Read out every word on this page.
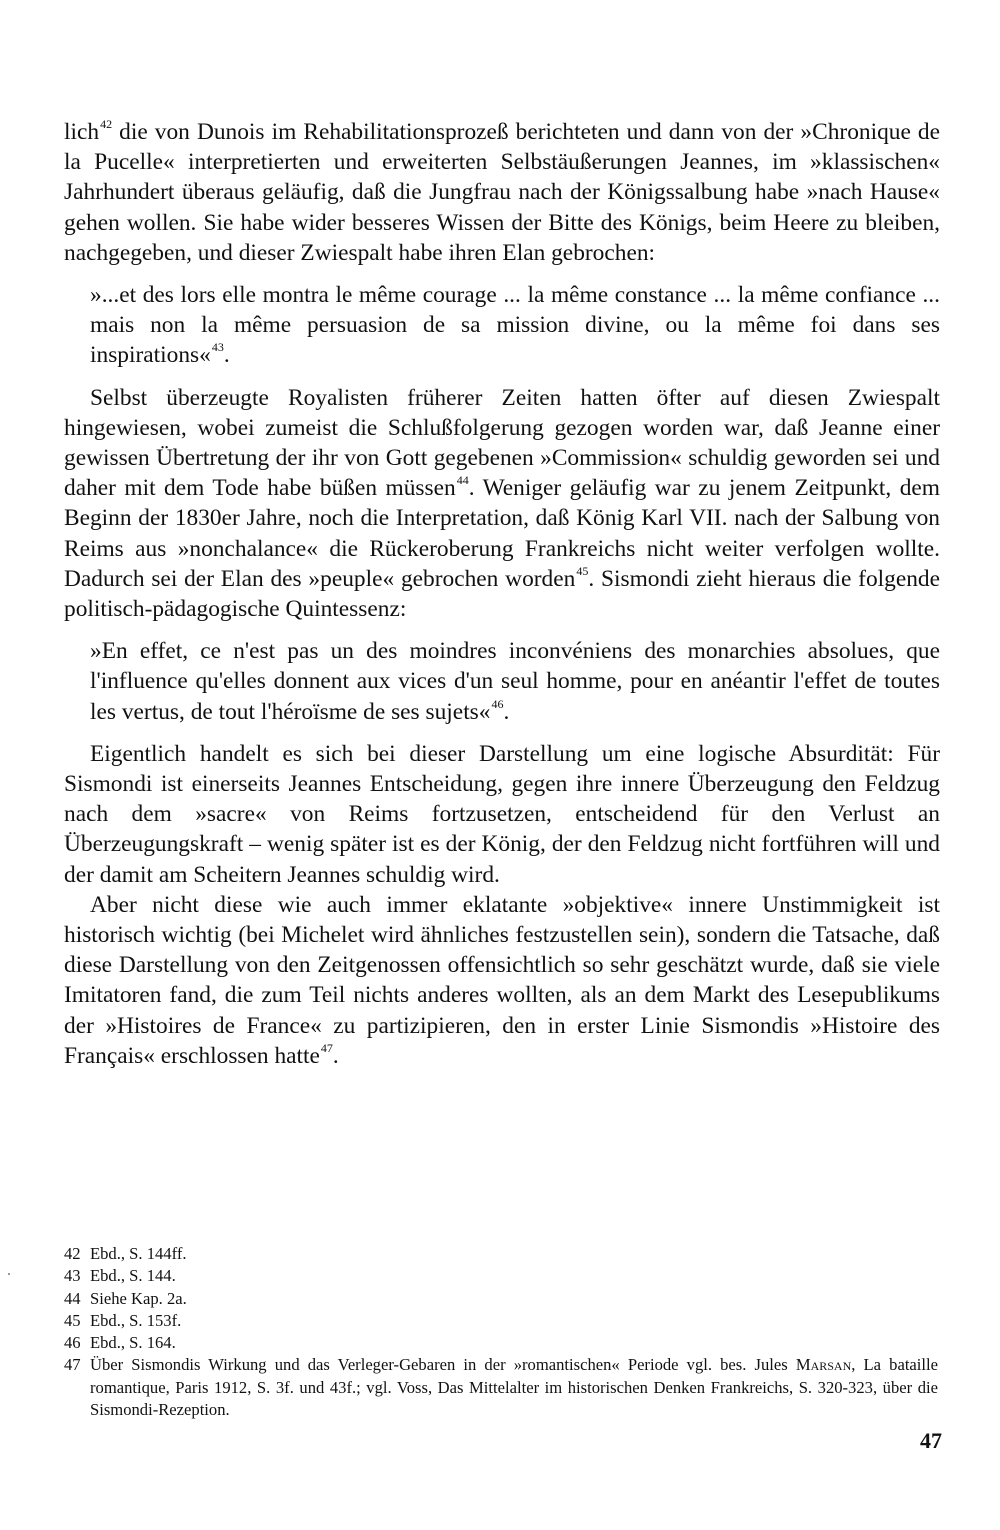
lich$^{42}$ die von Dunois im Rehabilitationsprozeß berichteten und dann von der »Chronique de la Pucelle« interpretierten und erweiterten Selbstäußerungen Jeannes, im »klassischen« Jahrhundert überaus geläufig, daß die Jungfrau nach der Königssalbung habe »nach Hause« gehen wollen. Sie habe wider besseres Wissen der Bitte des Königs, beim Heere zu bleiben, nachgegeben, und dieser Zwiespalt habe ihren Elan gebrochen:

»...et des lors elle montra le même courage ... la même constance ... la même confiance ... mais non la même persuasion de sa mission divine, ou la même foi dans ses inspirations«$^{43}$.

Selbst überzeugte Royalisten früherer Zeiten hatten öfter auf diesen Zwiespalt hingewiesen, wobei zumeist die Schlußfolgerung gezogen worden war, daß Jeanne einer gewissen Übertretung der ihr von Gott gegebenen »Commission« schuldig geworden sei und daher mit dem Tode habe büßen müssen$^{44}$. Weniger geläufig war zu jenem Zeitpunkt, dem Beginn der 1830er Jahre, noch die Interpretation, daß König Karl VII. nach der Salbung von Reims aus »nonchalance« die Rückeroberung Frankreichs nicht weiter verfolgen wollte. Dadurch sei der Elan des »peuple« gebrochen worden$^{45}$. Sismondi zieht hieraus die folgende politisch-pädagogische Quintessenz:

»En effet, ce n'est pas un des moindres inconvéniens des monarchies absolues, que l'influence qu'elles donnent aux vices d'un seul homme, pour en anéantir l'effet de toutes les vertus, de tout l'héroïsme de ses sujets«$^{46}$.

Eigentlich handelt es sich bei dieser Darstellung um eine logische Absurdität: Für Sismondi ist einerseits Jeannes Entscheidung, gegen ihre innere Überzeugung den Feldzug nach dem »sacre« von Reims fortzusetzen, entscheidend für den Verlust an Überzeugungskraft – wenig später ist es der König, der den Feldzug nicht fortführen will und der damit am Scheitern Jeannes schuldig wird.

Aber nicht diese wie auch immer eklatante »objektive« innere Unstimmigkeit ist historisch wichtig (bei Michelet wird ähnliches festzustellen sein), sondern die Tatsache, daß diese Darstellung von den Zeitgenossen offensichtlich so sehr geschätzt wurde, daß sie viele Imitatoren fand, die zum Teil nichts anderes wollten, als an dem Markt des Lesepublikums der »Histoires de France« zu partizipieren, den in erster Linie Sismondis »Histoire des Français« erschlossen hatte$^{47}$.

42 Ebd., S. 144ff.
43 Ebd., S. 144.
44 Siehe Kap. 2a.
45 Ebd., S. 153f.
46 Ebd., S. 164.
47 Über Sismondis Wirkung und das Verleger-Gebaren in der »romantischen« Periode vgl. bes. Jules Marsan, La bataille romantique, Paris 1912, S. 3f. und 43f.; vgl. Voss, Das Mittelalter im historischen Denken Frankreichs, S. 320-323, über die Sismondi-Rezeption.
47
